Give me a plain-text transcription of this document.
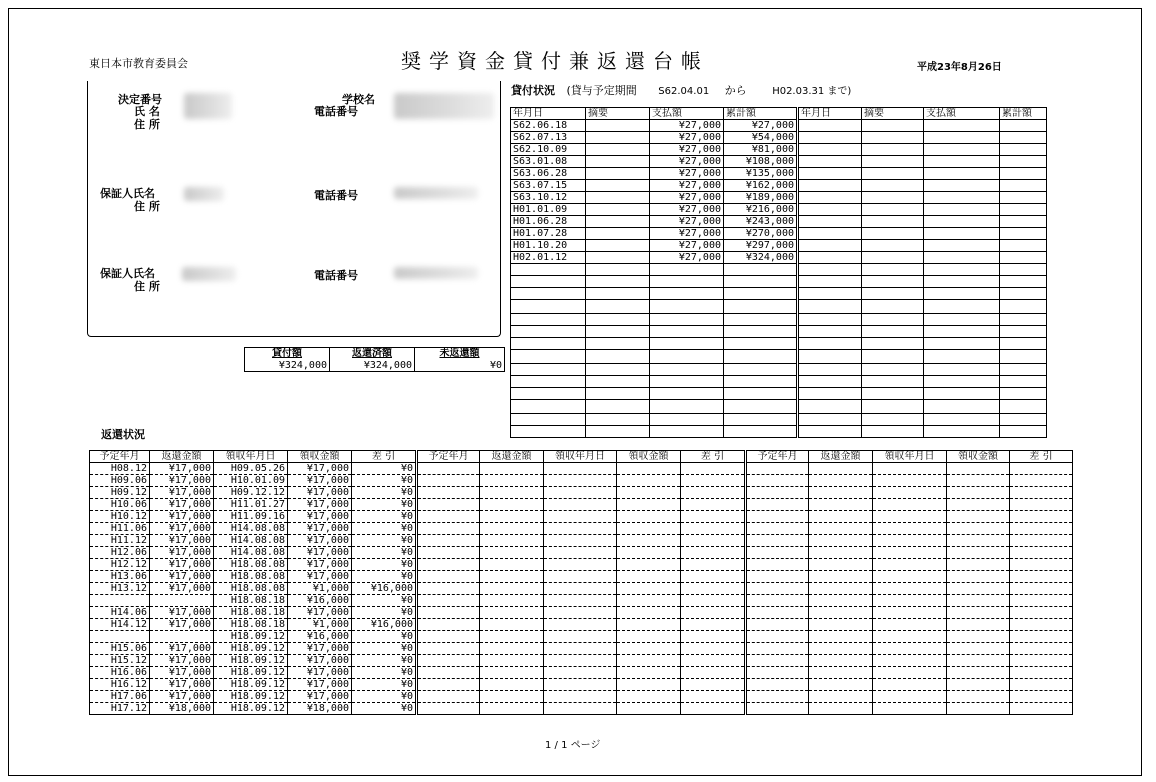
東日本市教育委員会	奨学資金貸付兼返還台帳	平成23年8月26日
決定番号
氏 名
住 所
学校名
電話番号
保証人氏名
住 所
電話番号
保証人氏名
住 所
電話番号
貸付状況 (貸与予定期間 S62.04.01 から	H02.03.31 まで)
年月日	摘要	支払額	累計額	年月日	摘要	支払額	累計額
S62.06.18		¥27,000	¥27,000				
S62.07.13		¥27,000	¥54,000				
S62.10.09		¥27,000	¥81,000				
S63.01.08		¥27,000	¥108,000				
S63.06.28		¥27,000	¥135,000				
S63.07.15		¥27,000	¥162,000				
S63.10.12		¥27,000	¥189,000				
H01.01.09		¥27,000	¥216,000				
H01.06.28		¥27,000	¥243,000				
H01.07.28		¥27,000	¥270,000				
H01.10.20		¥27,000	¥297,000				
H02.01.12		¥27,000	¥324,000				

貸付額	返還済額	未返還額
¥324,000	¥324,000	¥0
返還状況
予定年月	返還金額	領収年月日	領収金額	差 引	予定年月	返還金額	領収年月日	領収金額	差 引	予定年月	返還金額	領収年月日	領収金額	差 引
H08.12	¥17,000	H09.05.26	¥17,000	¥0										
H09.06	¥17,000	H10.01.09	¥17,000	¥0										
H09.12	¥17,000	H09.12.12	¥17,000	¥0										
H10.06	¥17,000	H11.01.27	¥17,000	¥0										
H10.12	¥17,000	H11.09.16	¥17,000	¥0										
H11.06	¥17,000	H14.08.08	¥17,000	¥0										
H11.12	¥17,000	H14.08.08	¥17,000	¥0										
H12.06	¥17,000	H14.08.08	¥17,000	¥0										
H12.12	¥17,000	H18.08.08	¥17,000	¥0										
H13.06	¥17,000	H18.08.08	¥17,000	¥0										
H13.12	¥17,000	H18.08.08	¥1,000	¥16,000										
		H18.08.18	¥16,000	¥0										
H14.06	¥17,000	H18.08.18	¥17,000	¥0										
H14.12	¥17,000	H18.08.18	¥1,000	¥16,000										
		H18.09.12	¥16,000	¥0										
H15.06	¥17,000	H18.09.12	¥17,000	¥0										
H15.12	¥17,000	H18.09.12	¥17,000	¥0										
H16.06	¥17,000	H18.09.12	¥17,000	¥0										
H16.12	¥17,000	H18.09.12	¥17,000	¥0										
H17.06	¥17,000	H18.09.12	¥17,000	¥0										
H17.12	¥18,000	H18.09.12	¥18,000	¥0										
1 / 1 ページ
